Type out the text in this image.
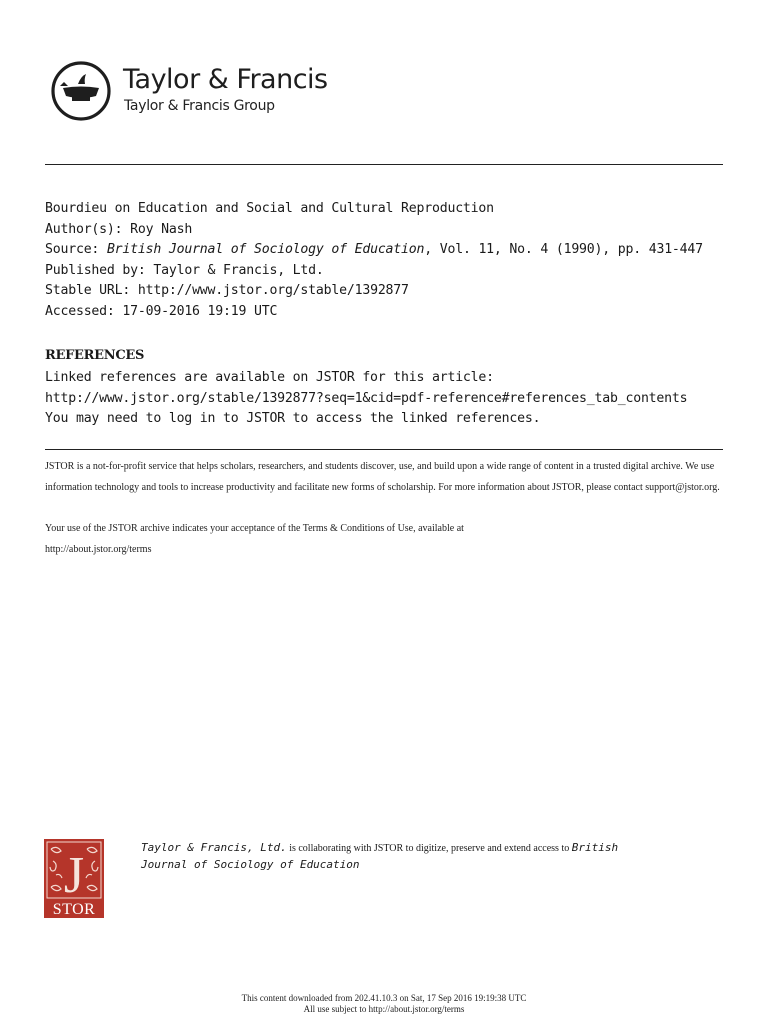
Taylor & Francis
Taylor & Francis Group
Bourdieu on Education and Social and Cultural Reproduction
Author(s): Roy Nash
Source: British Journal of Sociology of Education, Vol. 11, No. 4 (1990), pp. 431-447
Published by: Taylor & Francis, Ltd.
Stable URL: http://www.jstor.org/stable/1392877
Accessed: 17-09-2016 19:19 UTC
REFERENCES
Linked references are available on JSTOR for this article:
http://www.jstor.org/stable/1392877?seq=1&cid=pdf-reference#references_tab_contents
You may need to log in to JSTOR to access the linked references.

JSTOR is a not-for-profit service that helps scholars, researchers, and students discover, use, and build upon a wide range of content in a trusted digital archive. We use information technology and tools to increase productivity and facilitate new forms of scholarship. For more information about JSTOR, please contact support@jstor.org.

Your use of the JSTOR archive indicates your acceptance of the Terms & Conditions of Use, available at
http://about.jstor.org/terms

J
STOR
Taylor & Francis, Ltd. is collaborating with JSTOR to digitize, preserve and extend access to British Journal of Sociology of Education
This content downloaded from 202.41.10.3 on Sat, 17 Sep 2016 19:19:38 UTC
All use subject to http://about.jstor.org/terms
